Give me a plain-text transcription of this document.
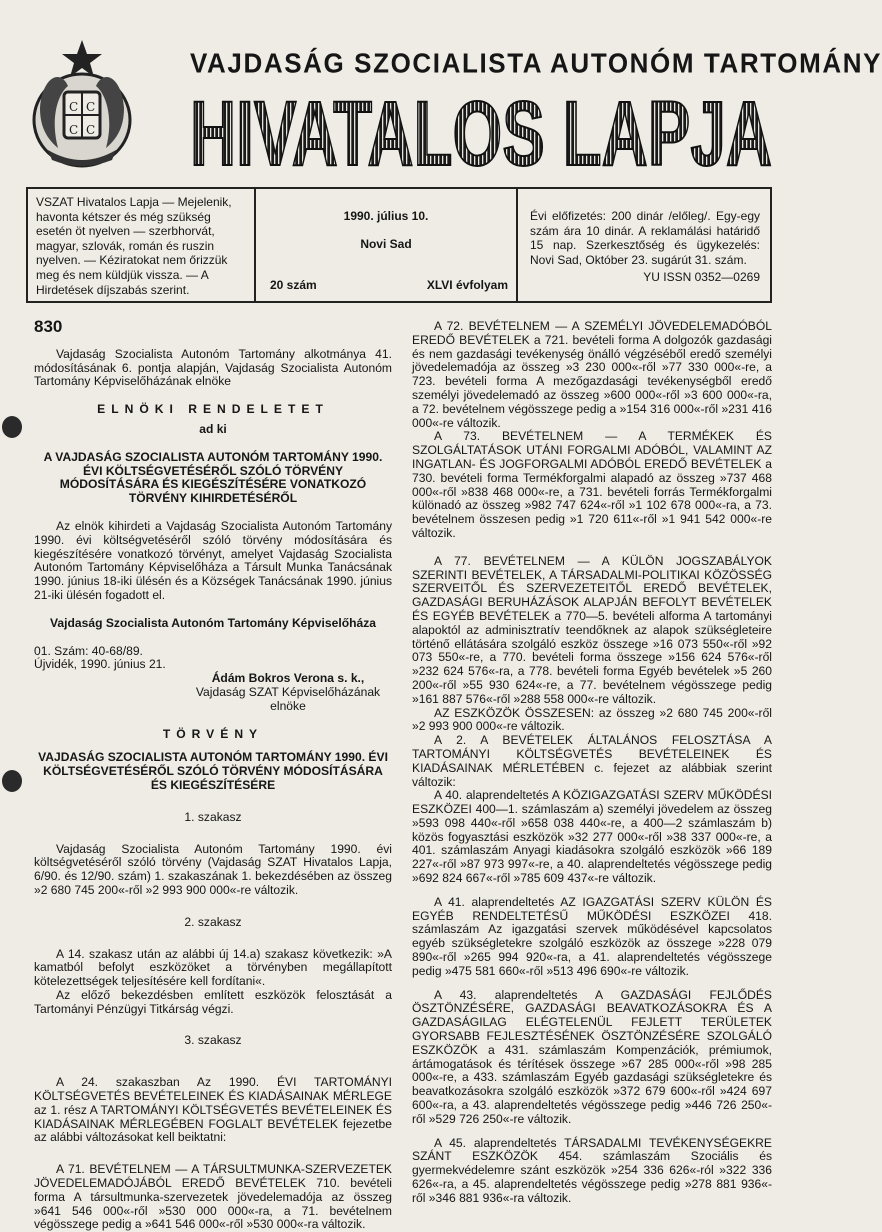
C C
C C
VAJDASÁG SZOCIALISTA AUTONÓM TARTOMÁNY
HIVATALOS LAPJA
VSZAT Hivatalos Lapja — Mejelenik, havonta kétszer és még szükség esetén öt nyelven — szerbhorvát, magyar, szlovák, román és ruszin nyelven. — Kéziratokat nem őrizzük meg és nem küldjük vissza. — A Hirdetések díjszabás szerint.
1990. július 10.
Novi Sad
20 szám	XLVI évfolyam
Évi előfizetés: 200 dinár /előleg/. Egy-egy szám ára 10 dinár. A reklamálási határidő 15 nap. Szerkesztőség és ügykezelés: Novi Sad, Október 23. sugárút 31. szám.
YU ISSN 0352—0269

830

Vajdaság Szocialista Autonóm Tartomány alkotmánya 41. módosításának 6. pontja alapján, Vajdaság Szocialista Autonóm Tartomány Képviselőházának elnöke

ELNÖKI RENDELETET

ad ki

A VAJDASÁG SZOCIALISTA AUTONÓM TARTOMÁNY 1990. ÉVI KÖLTSÉGVETÉSÉRŐL SZÓLÓ TÖRVÉNY MÓDOSÍTÁSÁRA ÉS KIEGÉSZÍTÉSÉRE VONATKOZÓ TÖRVÉNY KIHIRDETÉSÉRŐL

Az elnök kihirdeti a Vajdaság Szocialista Autonóm Tartomány 1990. évi költségvetéséről szóló törvény módosítására és kiegészítésére vonatkozó törvényt, amelyet Vajdaság Szocialista Autonóm Tartomány Képviselőháza a Társult Munka Tanácsának 1990. június 18-iki ülésén és a Községek Tanácsának 1990. június 21-iki ülésén fogadott el.

Vajdaság Szocialista Autonóm Tartomány Képviselőháza

01. Szám: 40-68/89.

Újvidék, 1990. június 21.

Ádám Bokros Verona s. k.,

Vajdaság SZAT Képviselőházának

elnöke

TÖRVÉNY

VAJDASÁG SZOCIALISTA AUTONÓM TARTOMÁNY 1990. ÉVI KÖLTSÉGVETÉSÉRŐL SZÓLÓ TÖRVÉNY MÓDOSÍTÁSÁRA ÉS KIEGÉSZÍTÉSÉRE

1. szakasz

Vajdaság Szocialista Autonóm Tartomány 1990. évi költségvetéséről szóló törvény (Vajdaság SZAT Hivatalos Lapja, 6/90. és 12/90. szám) 1. szakaszának 1. bekezdésében az összeg »2 680 745 200«-ről »2 993 900 000«-re változik.

2. szakasz

A 14. szakasz után az alábbi új 14.a) szakasz következik: »A kamatból befolyt eszközöket a törvényben megállapított kötelezettségek teljesítésére kell fordítani«.

Az előző bekezdésben említett eszközök felosztását a Tartományi Pénzügyi Titkárság végzi.

3. szakasz

A 24. szakaszban Az 1990. ÉVI TARTOMÁNYI KÖLTSÉGVETÉS BEVÉTELEINEK ÉS KIADÁSAINAK MÉRLEGE az 1. rész A TARTOMÁNYI KÖLTSÉGVETÉS BEVÉTELEINEK ÉS KIADÁSAINAK MÉRLEGÉBEN FOGLALT BEVÉTELEK fejezetbe az alábbi változásokat kell beiktatni:

A 71. BEVÉTELNEM — A TÁRSULTMUNKA-SZERVEZETEK JÖVEDELEMADÓJÁBÓL EREDŐ BEVÉTELEK 710. bevételi forma A társultmunka-szervezetek jövedelemadója az összeg »641 546 000«-ről »530 000 000«-ra, a 71. bevételnem végösszege pedig a »641 546 000«-ről »530 000«-ra változik.

A 72. BEVÉTELNEM — A SZEMÉLYI JÖVEDELEMADÓBÓL EREDŐ BEVÉTELEK a 721. bevételi forma A dolgozók gazdasági és nem gazdasági tevékenység önálló végzéséből eredő személyi jövedelemadója az összeg »3 230 000«-ről »77 330 000«-re, a 723. bevételi forma A mezőgazdasági tevékenységből eredő személyi jövedelemadó az összeg »600 000«-ről »3 600 000«-ra, a 72. bevételnem végösszege pedig a »154 316 000«-ről »231 416 000«-re változik.

A 73. BEVÉTELNEM — A TERMÉKEK ÉS SZOLGÁLTATÁSOK UTÁNI FORGALMI ADÓBÓL, VALAMINT AZ INGATLAN- ÉS JOGFORGALMI ADÓBÓL EREDŐ BEVÉTELEK a 730. bevételi forma Termékforgalmi alapadó az összeg »737 468 000«-ről »838 468 000«-re, a 731. bevételi forrás Termékforgalmi különadó az összeg »982 747 624«-ről »1 102 678 000«-ra, a 73. bevételnem összesen pedig »1 720 611«-ről »1 941 542 000«-re változik.

A 77. BEVÉTELNEM — A KÜLÖN JOGSZABÁLYOK SZERINTI BEVÉTELEK, A TÁRSADALMI-POLITIKAI KÖZÖSSÉG SZERVEITŐL ÉS SZERVEZETEITŐL EREDŐ BEVÉTELEK, GAZDASÁGI BERUHÁZÁSOK ALAPJÁN BEFOLYT BEVÉTELEK ÉS EGYÉB BEVÉTELEK a 770—5. bevételi alforma A tartományi alapoktól az adminisztratív teendőknek az alapok szükségleteire történő ellátására szolgáló eszköz összege »16 073 550«-ről »92 073 550«-re, a 770. bevételi forma összege »156 624 576«-ről »232 624 576«-ra, a 778. bevételi forma Egyéb bevételek »5 260 200«-ről »55 930 624«-re, a 77. bevételnem végösszege pedig »161 887 576«-ről »288 558 000«-re változik.

AZ ESZKÖZÖK ÖSSZESEN: az összeg »2 680 745 200«-ről »2 993 900 000«-re változik.

A 2. A BEVÉTELEK ÁLTALÁNOS FELOSZTÁSA A TARTOMÁNYI KÖLTSÉGVETÉS BEVÉTELEINEK ÉS KIADÁSAINAK MÉRLETÉBEN c. fejezet az alábbiak szerint változik:

A 40. alaprendeltetés A KÖZIGAZGATÁSI SZERV MŰKÖDÉSI ESZKÖZEI 400—1. számlaszám a) személyi jövedelem az összeg »593 098 440«-ről »658 038 440«-re, a 400—2 számlaszám b) közös fogyasztási eszközök »32 277 000«-ről »38 337 000«-re, a 401. számlaszám Anyagi kiadásokra szolgáló eszközök »66 189 227«-ről »87 973 997«-re, a 40. alaprendeltetés végösszege pedig »692 824 667«-ről »785 609 437«-re változik.

A 41. alaprendeltetés AZ IGAZGATÁSI SZERV KÜLÖN ÉS EGYÉB RENDELTETÉSŰ MŰKÖDÉSI ESZKÖZEI 418. számlaszám Az igazgatási szervek működésével kapcsolatos egyéb szükségletekre szolgáló eszközök az összege »228 079 890«-ről »265 994 920«-ra, a 41. alaprendeltetés végösszege pedig »475 581 660«-ről »513 496 690«-re változik.

A 43. alaprendeltetés A GAZDASÁGI FEJLŐDÉS ÖSZTÖNZÉSÉRE, GAZDASÁGI BEAVATKOZÁSOKRA ÉS A GAZDASÁGILAG ELÉGTELENÜL FEJLETT TERÜLETEK GYORSABB FEJLESZTÉSÉNEK ÖSZTÖNZÉSÉRE SZOLGÁLÓ ESZKÖZÖK a 431. számlaszám Kompenzációk, prémiumok, ártámogatások és térítések összege »67 285 000«-ről »98 285 000«-re, a 433. számlaszám Egyéb gazdasági szükségletekre és beavatkozásokra szolgáló eszközök »372 679 600«-ről »424 697 600«-ra, a 43. alaprendeltetés végösszege pedig »446 726 250«-ről »529 726 250«-re változik.

A 45. alaprendeltetés TÁRSADALMI TEVÉKENYSÉGEKRE SZÁNT ESZKÖZÖK 454. számlaszám Szociális és gyermekvédelemre szánt eszközök »254 336 626«-ról »322 336 626«-ra, a 45. alaprendeltetés végösszege pedig »278 881 936«-ről »346 881 936«-ra változik.
